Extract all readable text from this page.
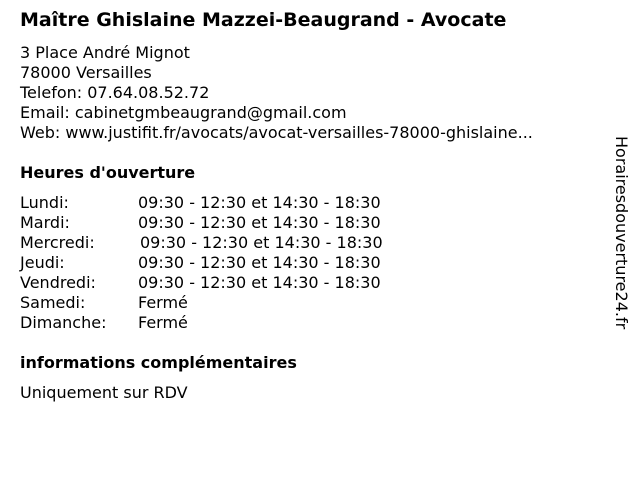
Maître Ghislaine Mazzei-Beaugrand - Avocate
3 Place André Mignot
78000 Versailles
Telefon: 07.64.08.52.72
Email: cabinetgmbeaugrand@gmail.com
Web: www.justifit.fr/avocats/avocat-versailles-78000-ghislaine...
Heures d'ouverture
Lundi:	09:30 - 12:30 et 14:30 - 18:30
Mardi:	09:30 - 12:30 et 14:30 - 18:30
Mercredi:	09:30 - 12:30 et 14:30 - 18:30
Jeudi:	09:30 - 12:30 et 14:30 - 18:30
Vendredi:	09:30 - 12:30 et 14:30 - 18:30
Samedi:	Fermé
Dimanche: Fermé
informations complémentaires
Uniquement sur RDV
Horairesdouverture24.fr
